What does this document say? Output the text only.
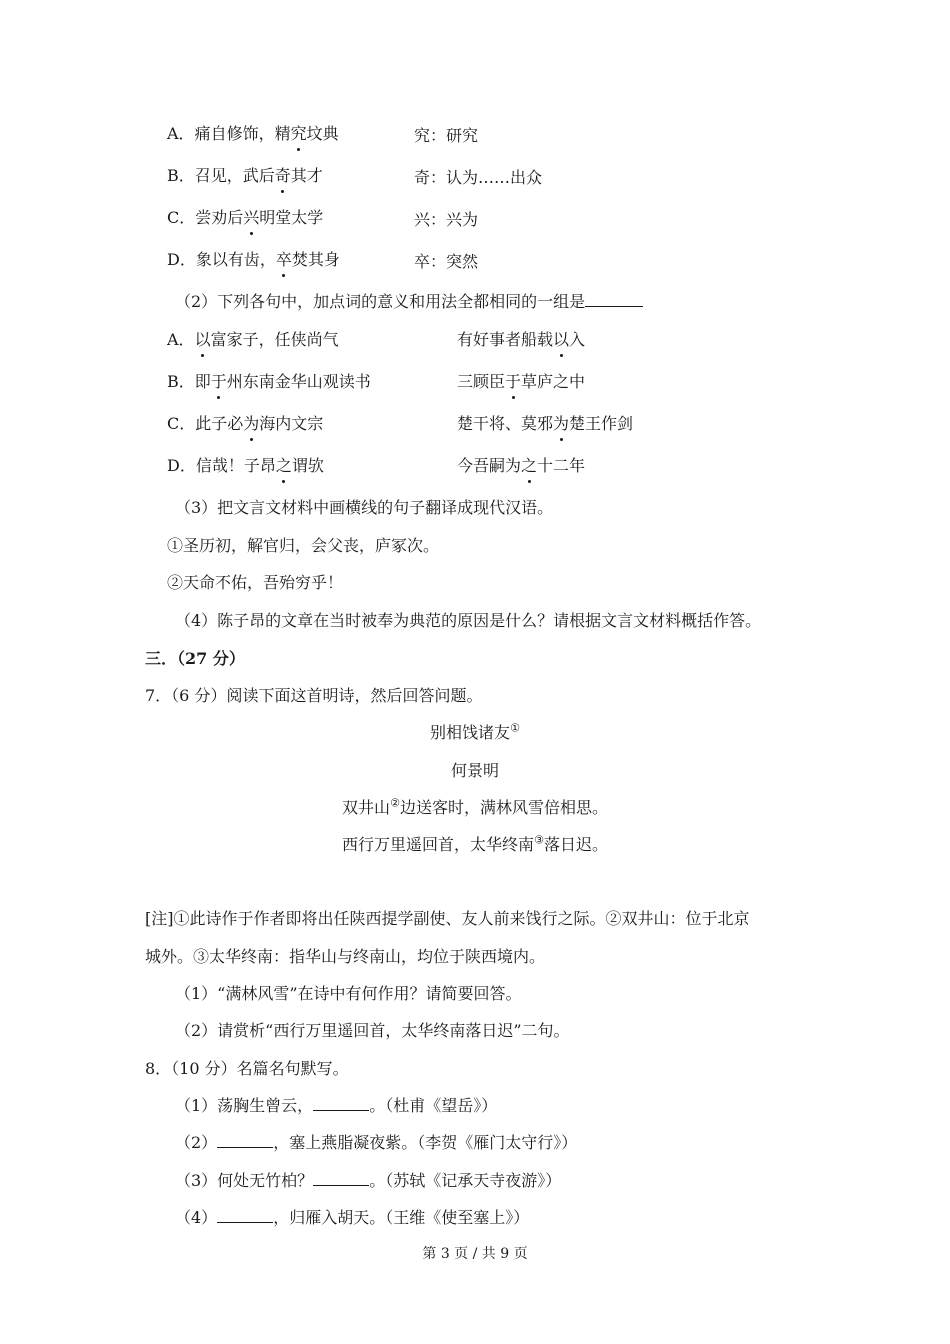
A．痛自修饰，精究坟典	究：研究
B．召见，武后奇其才	奇：认为……出众
C．尝劝后兴明堂太学	兴：兴为
D．象以有齿，卒焚其身	卒：突然
（2）下列各句中，加点词的意义和用法全都相同的一组是
A．以富家子，任侠尚气	有好事者船载以入
B．即于州东南金华山观读书	三顾臣于草庐之中
C．此子必为海内文宗	楚干将、莫邪为楚王作剑
D．信哉！子昂之谓欤	今吾嗣为之十二年
（3）把文言文材料中画横线的句子翻译成现代汉语。
①圣历初，解官归，会父丧，庐冢次。
②天命不佑，吾殆穷乎！
（4）陈子昂的文章在当时被奉为典范的原因是什么？请根据文言文材料概括作答。
三．（27 分）
7．（6 分）阅读下面这首明诗，然后回答问题。
别相饯诸友①
何景明
双井山②边送客时，满林风雪倍相思。
西行万里遥回首，太华终南③落日迟。
[注]①此诗作于作者即将出任陕西提学副使、友人前来饯行之际。②双井山：位于北京
城外。③太华终南：指华山与终南山，均位于陕西境内。
（1）“满林风雪”在诗中有何作用？请简要回答。
（2）请赏析“西行万里遥回首，太华终南落日迟”二句。
8．（10 分）名篇名句默写。
（1）荡胸生曾云，	。（杜甫《望岳》）
（2）	，塞上燕脂凝夜紫。（李贺《雁门太守行》）
（3）何处无竹柏？	。（苏轼《记承天寺夜游》）
（4）	，归雁入胡天。（王维《使至塞上》）
第 3 页 / 共 9 页
